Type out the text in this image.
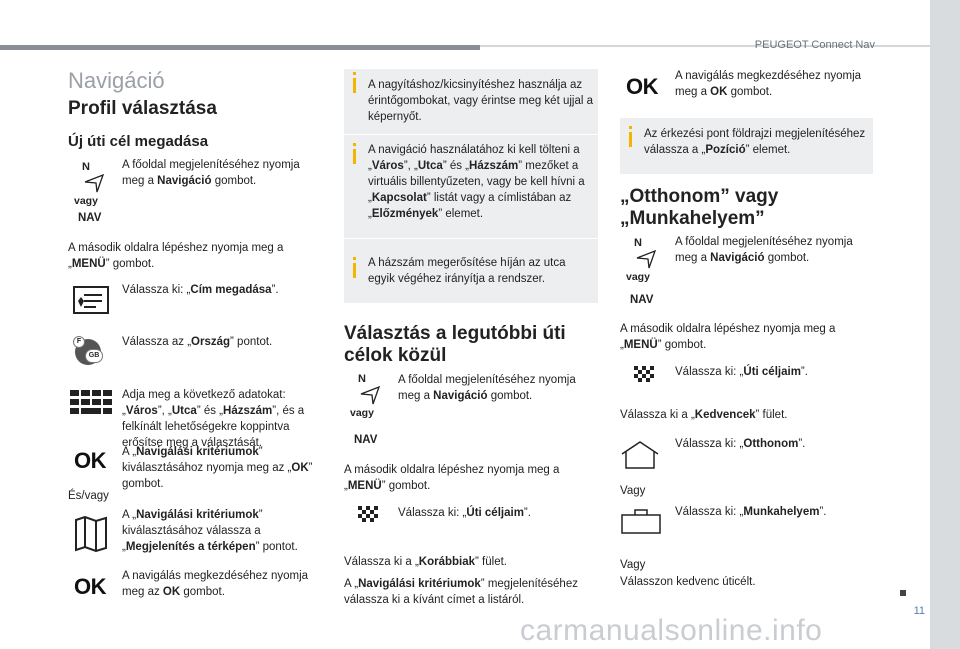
PEUGEOT Connect Nav
11
carmanualsonline.info
Navigáció
Profil választása
Új úti cél megadása
N
vagy
NAV
A főoldal megjelenítéséhez nyomja meg a Navigáció gombot.
A második oldalra lépéshez nyomja meg a „MENÜ” gombot.
Válassza ki: „Cím megadása”.
F
GB
Válassza az „Ország” pontot.
Adja meg a következő adatokat:
„Város”, „Utca” és „Házszám”, és a felkínált lehetőségekre koppintva erősítse meg a választását.
OK A „Navigálási kritériumok” kiválasztásához nyomja meg az „OK” gombot.
És/vagy
A „Navigálási kritériumok” kiválasztásához válassza a „Megjelenítés a térképen” pontot.
OK A navigálás megkezdéséhez nyomja meg az OK gombot.
A nagyításhoz/kicsinyítéshez használja az érintőgombokat, vagy érintse meg két ujjal a képernyőt.
A navigáció használatához ki kell tölteni a „Város”, „Utca” és „Házszám” mezőket a virtuális billentyűzeten, vagy be kell hívni a „Kapcsolat” listát vagy a címlistában az „Előzmények” elemet.
A házszám megerősítése híján az utca egyik végéhez irányítja a rendszer.
Választás a legutóbbi úti célok közül
N
vagy
NAV
A főoldal megjelenítéséhez nyomja meg a Navigáció gombot.
A második oldalra lépéshez nyomja meg a „MENÜ” gombot.
Válassza ki: „Úti céljaim”.
Válassza ki a „Korábbiak” fület.
A „Navigálási kritériumok” megjelenítéséhez válassza ki a kívánt címet a listáról.
OK A navigálás megkezdéséhez nyomja meg a OK gombot.
Az érkezési pont földrajzi megjelenítéséhez válassza a „Pozíció” elemet.
„Otthonom” vagy „Munkahelyem”
N
vagy
NAV
A főoldal megjelenítéséhez nyomja meg a Navigáció gombot.
A második oldalra lépéshez nyomja meg a „MENÜ” gombot.
Válassza ki: „Úti céljaim”.
Válassza ki a „Kedvencek” fület.
Válassza ki: „Otthonom”.
Vagy
Válassza ki: „Munkahelyem”.
Vagy
Válasszon kedvenc úticélt.
